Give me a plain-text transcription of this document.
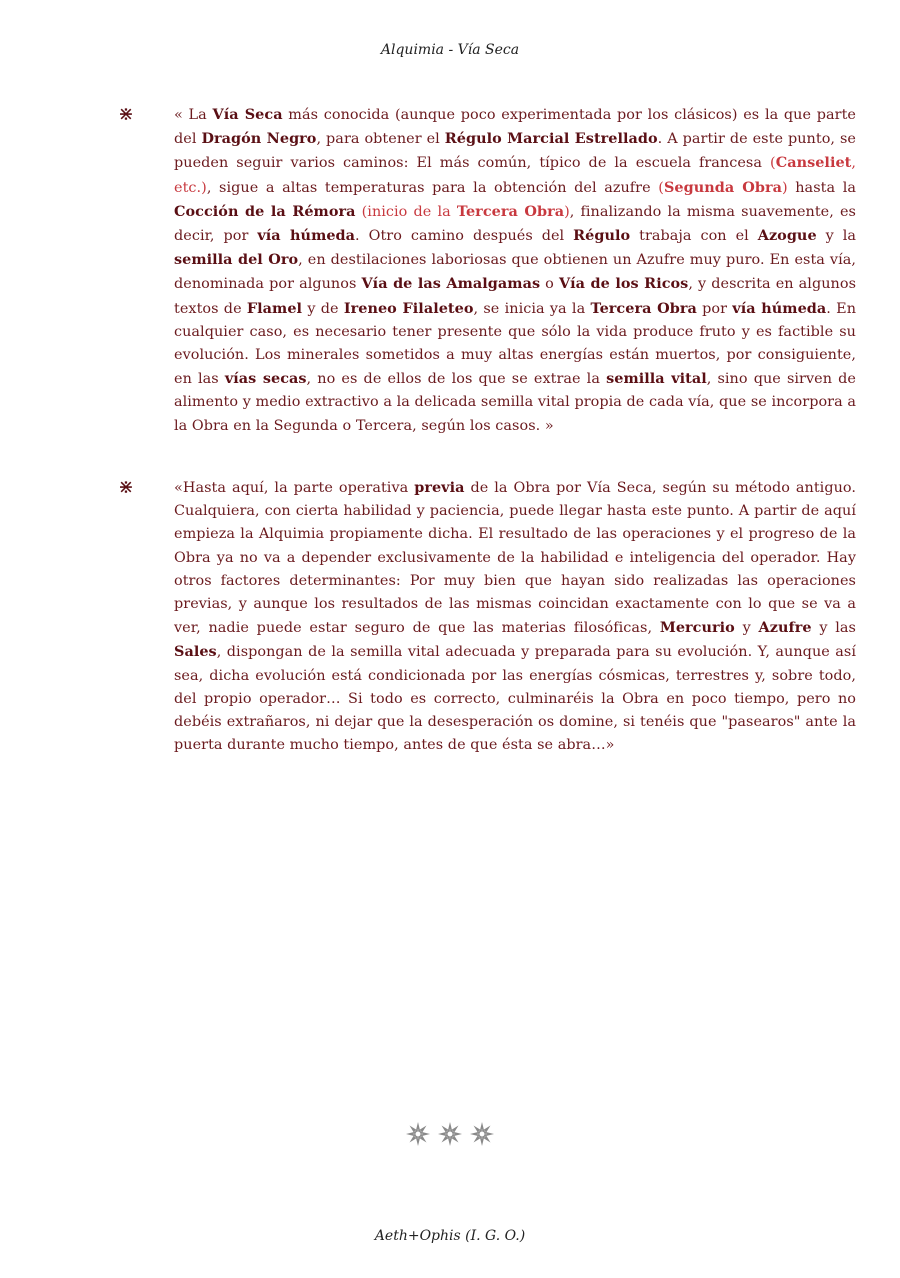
Alquimia - Vía Seca
⋇	« La Vía Seca más conocida (aunque poco experimentada por los clásicos) es la que parte del Dragón Negro, para obtener el Régulo Marcial Estrellado. A partir de este punto, se pueden seguir varios caminos: El más común, típico de la escuela francesa (Canseliet, etc.), sigue a altas temperaturas para la obtención del azufre (Segunda Obra) hasta la Cocción de la Rémora (inicio de la Tercera Obra), finalizando la misma suavemente, es decir, por vía húmeda. Otro camino después del Régulo trabaja con el Azogue y la semilla del Oro, en destilaciones laboriosas que obtienen un Azufre muy puro. En esta vía, denominada por algunos Vía de las Amalgamas o Vía de los Ricos, y descrita en algunos textos de Flamel y de Ireneo Filaleteo, se inicia ya la Tercera Obra por vía húmeda. En cualquier caso, es necesario tener presente que sólo la vida produce fruto y es factible su evolución. Los minerales sometidos a muy altas energías están muertos, por consiguiente, en las vías secas, no es de ellos de los que se extrae la semilla vital, sino que sirven de alimento y medio extractivo a la delicada semilla vital propia de cada vía, que se incorpora a la Obra en la Segunda o Tercera, según los casos. »
⋇	«Hasta aquí, la parte operativa previa de la Obra por Vía Seca, según su método antiguo. Cualquiera, con cierta habilidad y paciencia, puede llegar hasta este punto. A partir de aquí empieza la Alquimia propiamente dicha. El resultado de las operaciones y el progreso de la Obra ya no va a depender exclusivamente de la habilidad e inteligencia del operador. Hay otros factores determinantes: Por muy bien que hayan sido realizadas las operaciones previas, y aunque los resultados de las mismas coincidan exactamente con lo que se va a ver, nadie puede estar seguro de que las materias filosóficas, Mercurio y Azufre y las Sales, dispongan de la semilla vital adecuada y preparada para su evolución. Y, aunque así sea, dicha evolución está condicionada por las energías cósmicas, terrestres y, sobre todo, del propio operador… Si todo es correcto, culminaréis la Obra en poco tiempo, pero no debéis extrañaros, ni dejar que la desesperación os domine, si tenéis que "pasearos" ante la puerta durante mucho tiempo, antes de que ésta se abra…»
Aeth+Ophis (I. G. O.)
